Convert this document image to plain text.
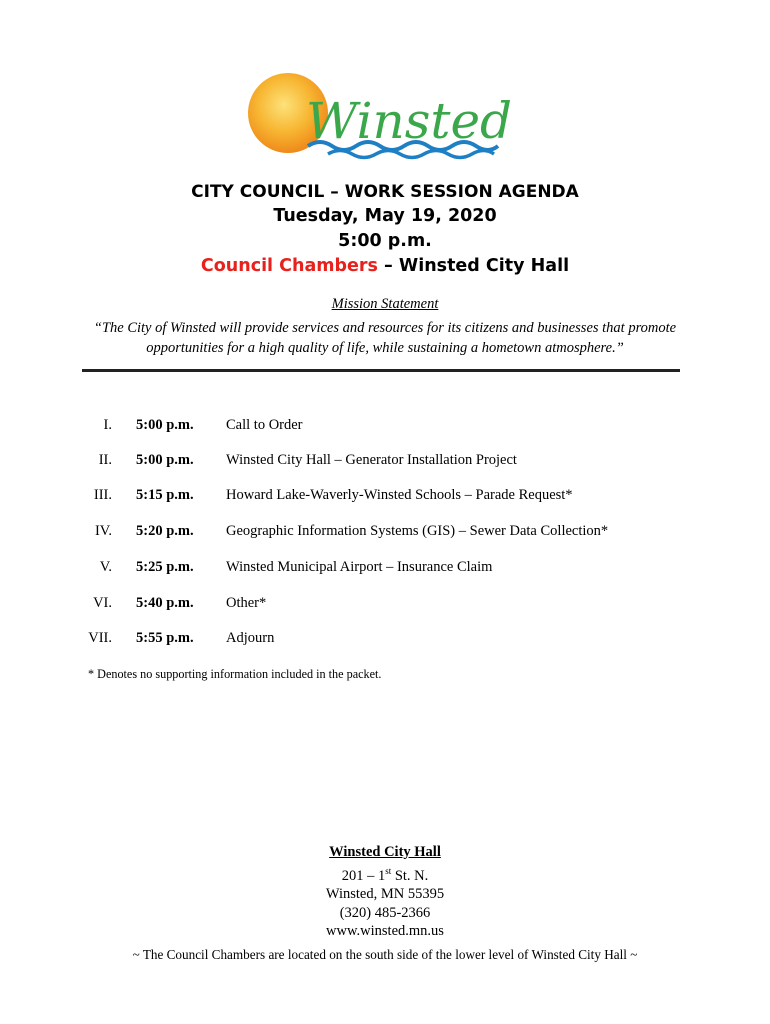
Winsted
CITY COUNCIL – WORK SESSION AGENDA
Tuesday, May 19, 2020
5:00 p.m.
Council Chambers – Winsted City Hall
Mission Statement
“The City of Winsted will provide services and resources for its citizens and businesses that promote opportunities for a high quality of life, while sustaining a hometown atmosphere.”
I. 5:00 p.m. Call to Order
II. 5:00 p.m. Winsted City Hall – Generator Installation Project
III. 5:15 p.m. Howard Lake-Waverly-Winsted Schools – Parade Request*
IV. 5:20 p.m. Geographic Information Systems (GIS) – Sewer Data Collection*
V. 5:25 p.m. Winsted Municipal Airport – Insurance Claim
VI. 5:40 p.m. Other*
VII. 5:55 p.m. Adjourn
* Denotes no supporting information included in the packet.
Winsted City Hall
201 – 1st St. N.
Winsted, MN 55395
(320) 485-2366
www.winsted.mn.us
~ The Council Chambers are located on the south side of the lower level of Winsted City Hall ~
